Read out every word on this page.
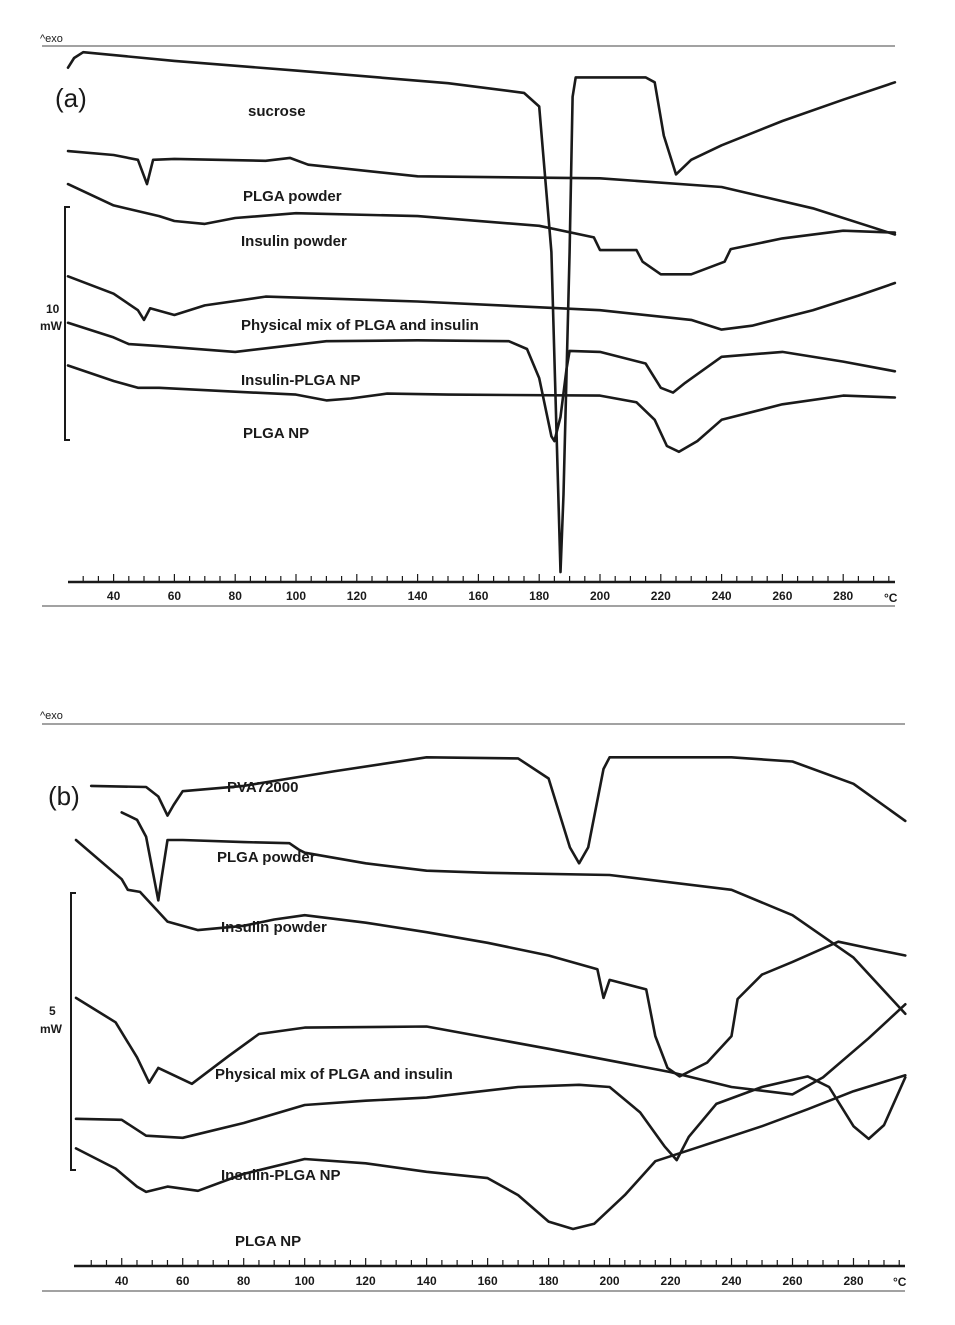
^exo
(a)
10
mW
40	60	80	100	120	140	160	180	200	220	240	260	280	°C
sucrose
PLGA powder
Insulin powder
Physical mix of PLGA and insulin
Insulin-PLGA NP
PLGA NP
^exo
(b)
5
mW
40	60	80	100	120	140	160	180	200	220	240	260	280 °C
PVA72000
PLGA powder
Insulin powder
Physical mix of PLGA and insulin
Insulin-PLGA NP
PLGA NP
